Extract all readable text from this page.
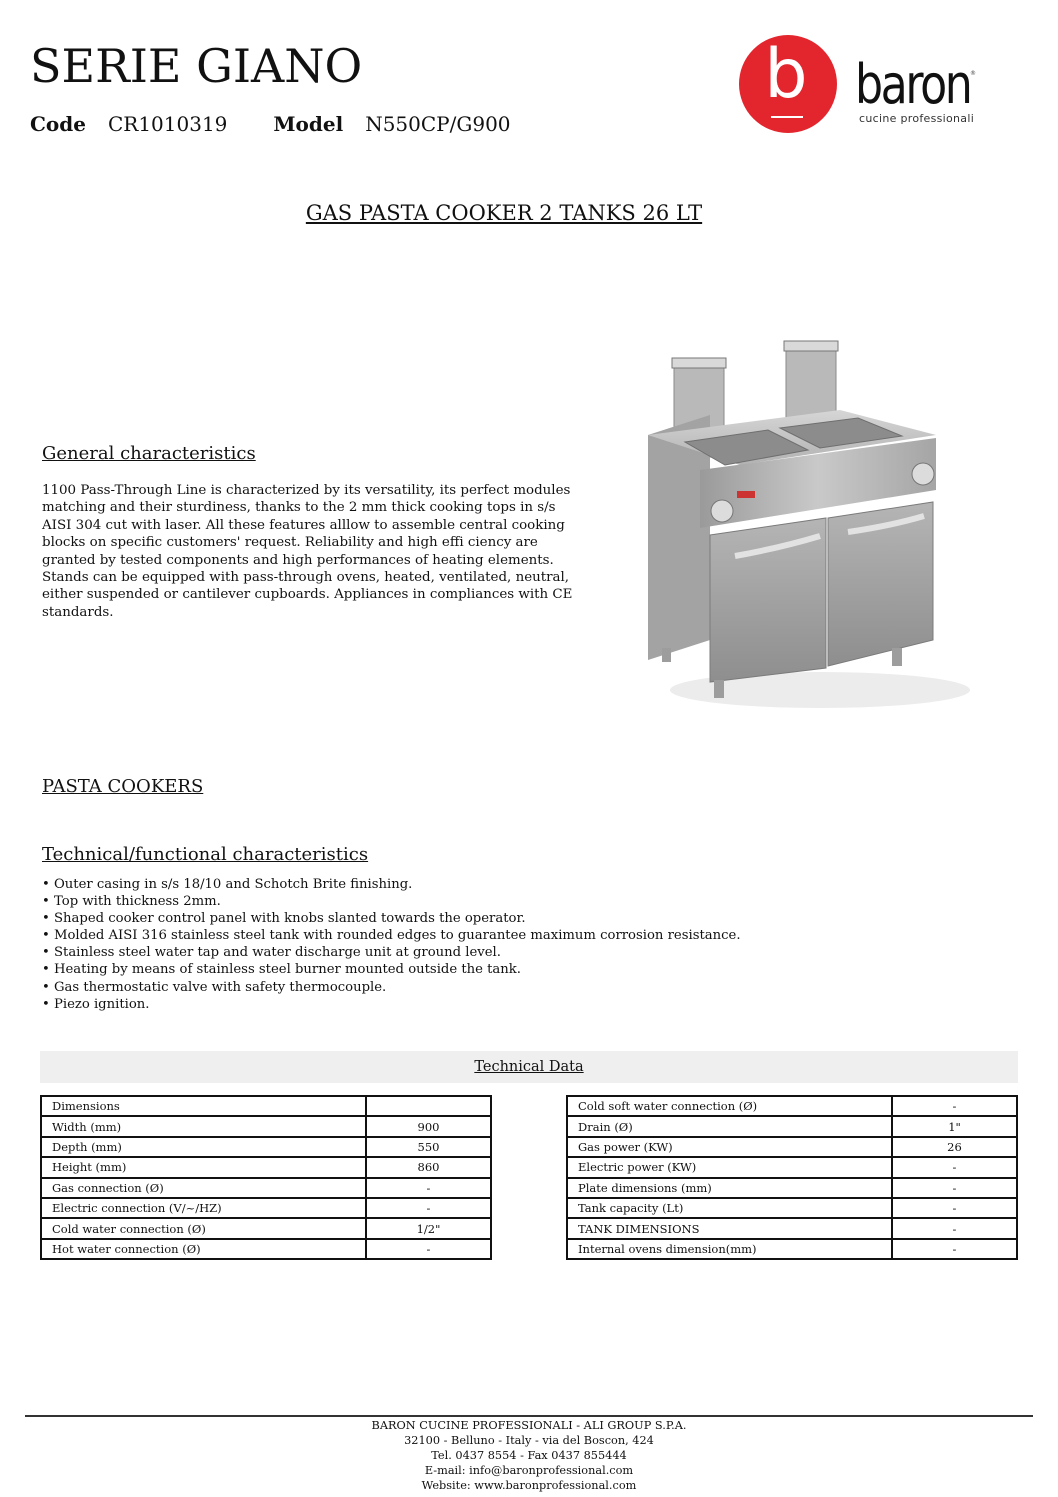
SERIE GIANO
Code CR1010319 Model N550CP/G900
b baron ®
cucine professionali
GAS PASTA COOKER 2 TANKS 26 LT
General characteristics
1100 Pass-Through Line is characterized by its versatility, its perfect modules matching and their sturdiness, thanks to the 2 mm thick cooking tops in s/s AISI 304 cut with laser. All these features alllow to assemble central cooking blocks on specific customers' request. Reliability and high effi ciency are granted by tested components and high performances of heating elements. Stands can be equipped with pass-through ovens, heated, ventilated, neutral, either suspended or cantilever cupboards. Appliances in compliances with CE standards.
PASTA COOKERS
Technical/functional characteristics
• Outer casing in s/s 18/10 and Schotch Brite finishing.
• Top with thickness 2mm.
• Shaped cooker control panel with knobs slanted towards the operator.
• Molded AISI 316 stainless steel tank with rounded edges to guarantee maximum corrosion resistance.
• Stainless steel water tap and water discharge unit at ground level.
• Heating by means of stainless steel burner mounted outside the tank.
• Gas thermostatic valve with safety thermocouple.
• Piezo ignition.
Technical Data
Dimensions	
Width (mm)	900
Depth (mm)	550
Height (mm)	860
Gas connection (Ø)	-
Electric connection (V/~/HZ)	-
Cold water connection (Ø)	1/2"
Hot water connection (Ø)	-
Cold soft water connection (Ø)	-
Drain (Ø)	1"
Gas power (KW)	26
Electric power (KW)	-
Plate dimensions (mm)	-
Tank capacity (Lt)	-
TANK DIMENSIONS	-
Internal ovens dimension(mm)	-
BARON CUCINE PROFESSIONALI - ALI GROUP S.P.A.
32100 - Belluno - Italy - via del Boscon, 424
Tel. 0437 8554 - Fax 0437 855444
E-mail: info@baronprofessional.com
Website: www.baronprofessional.com
